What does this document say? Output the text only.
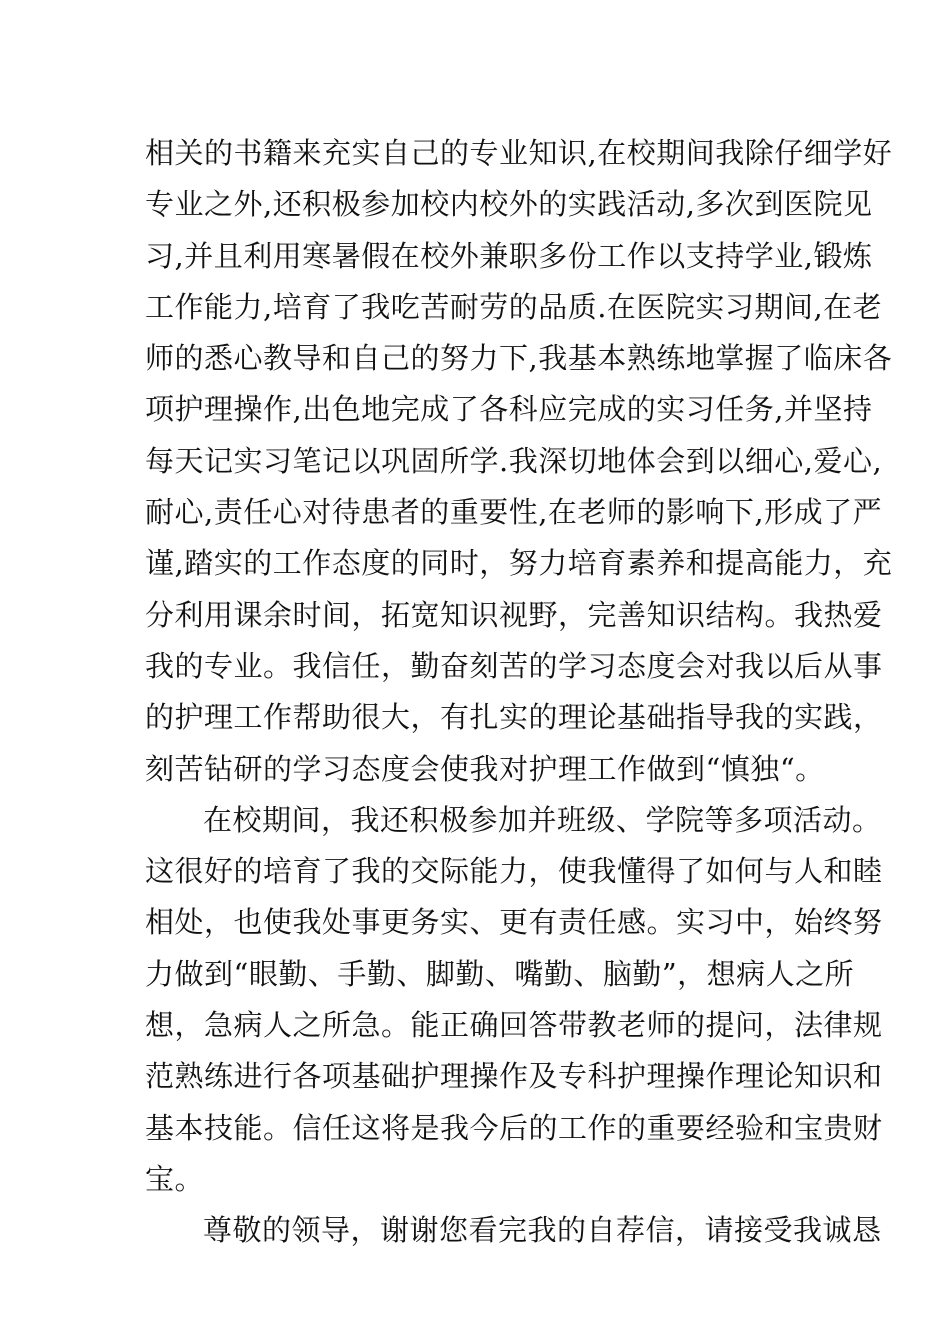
相关的书籍来充实自己的专业知识,在校期间我除仔细学好
专业之外,还积极参加校内校外的实践活动,多次到医院见
习,并且利用寒暑假在校外兼职多份工作以支持学业,锻炼
工作能力,培育了我吃苦耐劳的品质.在医院实习期间,在老
师的悉心教导和自己的努力下,我基本熟练地掌握了临床各
项护理操作,出色地完成了各科应完成的实习任务,并坚持
每天记实习笔记以巩固所学.我深切地体会到以细心,爱心,
耐心,责任心对待患者的重要性,在老师的影响下,形成了严
谨,踏实的工作态度的同时，努力培育素养和提高能力，充
分利用课余时间，拓宽知识视野，完善知识结构。我热爱
我的专业。我信任，勤奋刻苦的学习态度会对我以后从事
的护理工作帮助很大，有扎实的理论基础指导我的实践，
刻苦钻研的学习态度会使我对护理工作做到“慎独“。
在校期间，我还积极参加并班级、学院等多项活动。
这很好的培育了我的交际能力，使我懂得了如何与人和睦
相处，也使我处事更务实、更有责任感。实习中，始终努
力做到“眼勤、手勤、脚勤、嘴勤、脑勤”，想病人之所
想，急病人之所急。能正确回答带教老师的提问，法律规
范熟练进行各项基础护理操作及专科护理操作理论知识和
基本技能。信任这将是我今后的工作的重要经验和宝贵财
宝。
尊敬的领导，谢谢您看完我的自荐信，请接受我诚恳
